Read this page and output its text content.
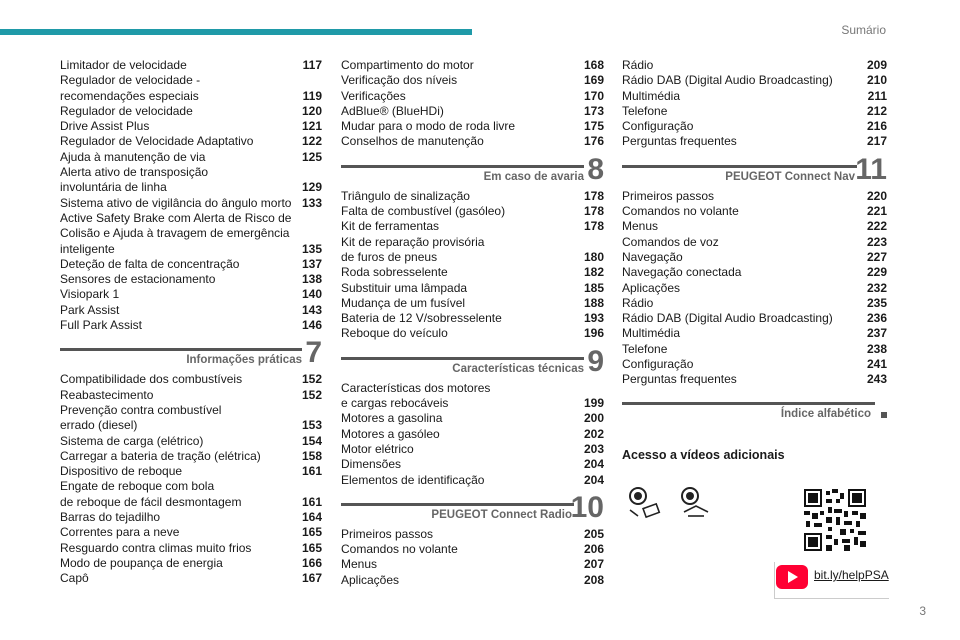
Sumário
Limitador de velocidade	117
Regulador de velocidade -
recomendações especiais	119
Regulador de velocidade	120
Drive Assist Plus	121
Regulador de Velocidade Adaptativo	122
Ajuda à manutenção de via	125
Alerta ativo de transposição
involuntária de linha	129
Sistema ativo de vigilância do ângulo morto 133
Active Safety Brake com Alerta de Risco de
Colisão e Ajuda à travagem de emergência
inteligente	135
Deteção de falta de concentração	137
Sensores de estacionamento	138
Visiopark 1	140
Park Assist	143
Full Park Assist	146
Informações práticas 7
Compatibilidade dos combustíveis	152
Reabastecimento	152
Prevenção contra combustível
errado (diesel)	153
Sistema de carga (elétrico)	154
Carregar a bateria de tração (elétrica)	158
Dispositivo de reboque	161
Engate de reboque com bola
de reboque de fácil desmontagem	161
Barras do tejadilho	164
Correntes para a neve	165
Resguardo contra climas muito frios	165
Modo de poupança de energia	166
Capô	167
Compartimento do motor	168
Verificação dos níveis	169
Verificações	170
AdBlue® (BlueHDi)	173
Mudar para o modo de roda livre	175
Conselhos de manutenção	176
Em caso de avaria 8
Triângulo de sinalização	178
Falta de combustível (gasóleo)	178
Kit de ferramentas	178
Kit de reparação provisória
de furos de pneus	180
Roda sobresselente	182
Substituir uma lâmpada	185
Mudança de um fusível	188
Bateria de 12 V/sobresselente	193
Reboque do veículo	196
Características técnicas 9
Características dos motores
e cargas rebocáveis	199
Motores a gasolina	200
Motores a gasóleo	202
Motor elétrico	203
Dimensões	204
Elementos de identificação	204
PEUGEOT Connect Radio
10
Primeiros passos	205
Comandos no volante	206
Menus	207
Aplicações	208
Rádio	209
Rádio DAB (Digital Audio Broadcasting)	210
Multimédia	211
Telefone	212
Configuração	216
Perguntas frequentes	217
PEUGEOT Connect Nav 11
Primeiros passos	220
Comandos no volante	221
Menus	222
Comandos de voz	223
Navegação	227
Navegação conectada	229
Aplicações	232
Rádio	235
Rádio DAB (Digital Audio Broadcasting)	236
Multimédia	237
Telefone	238
Configuração	241
Perguntas frequentes	243
Índice alfabético
Acesso a vídeos adicionais
bit.ly/helpPSA
3
